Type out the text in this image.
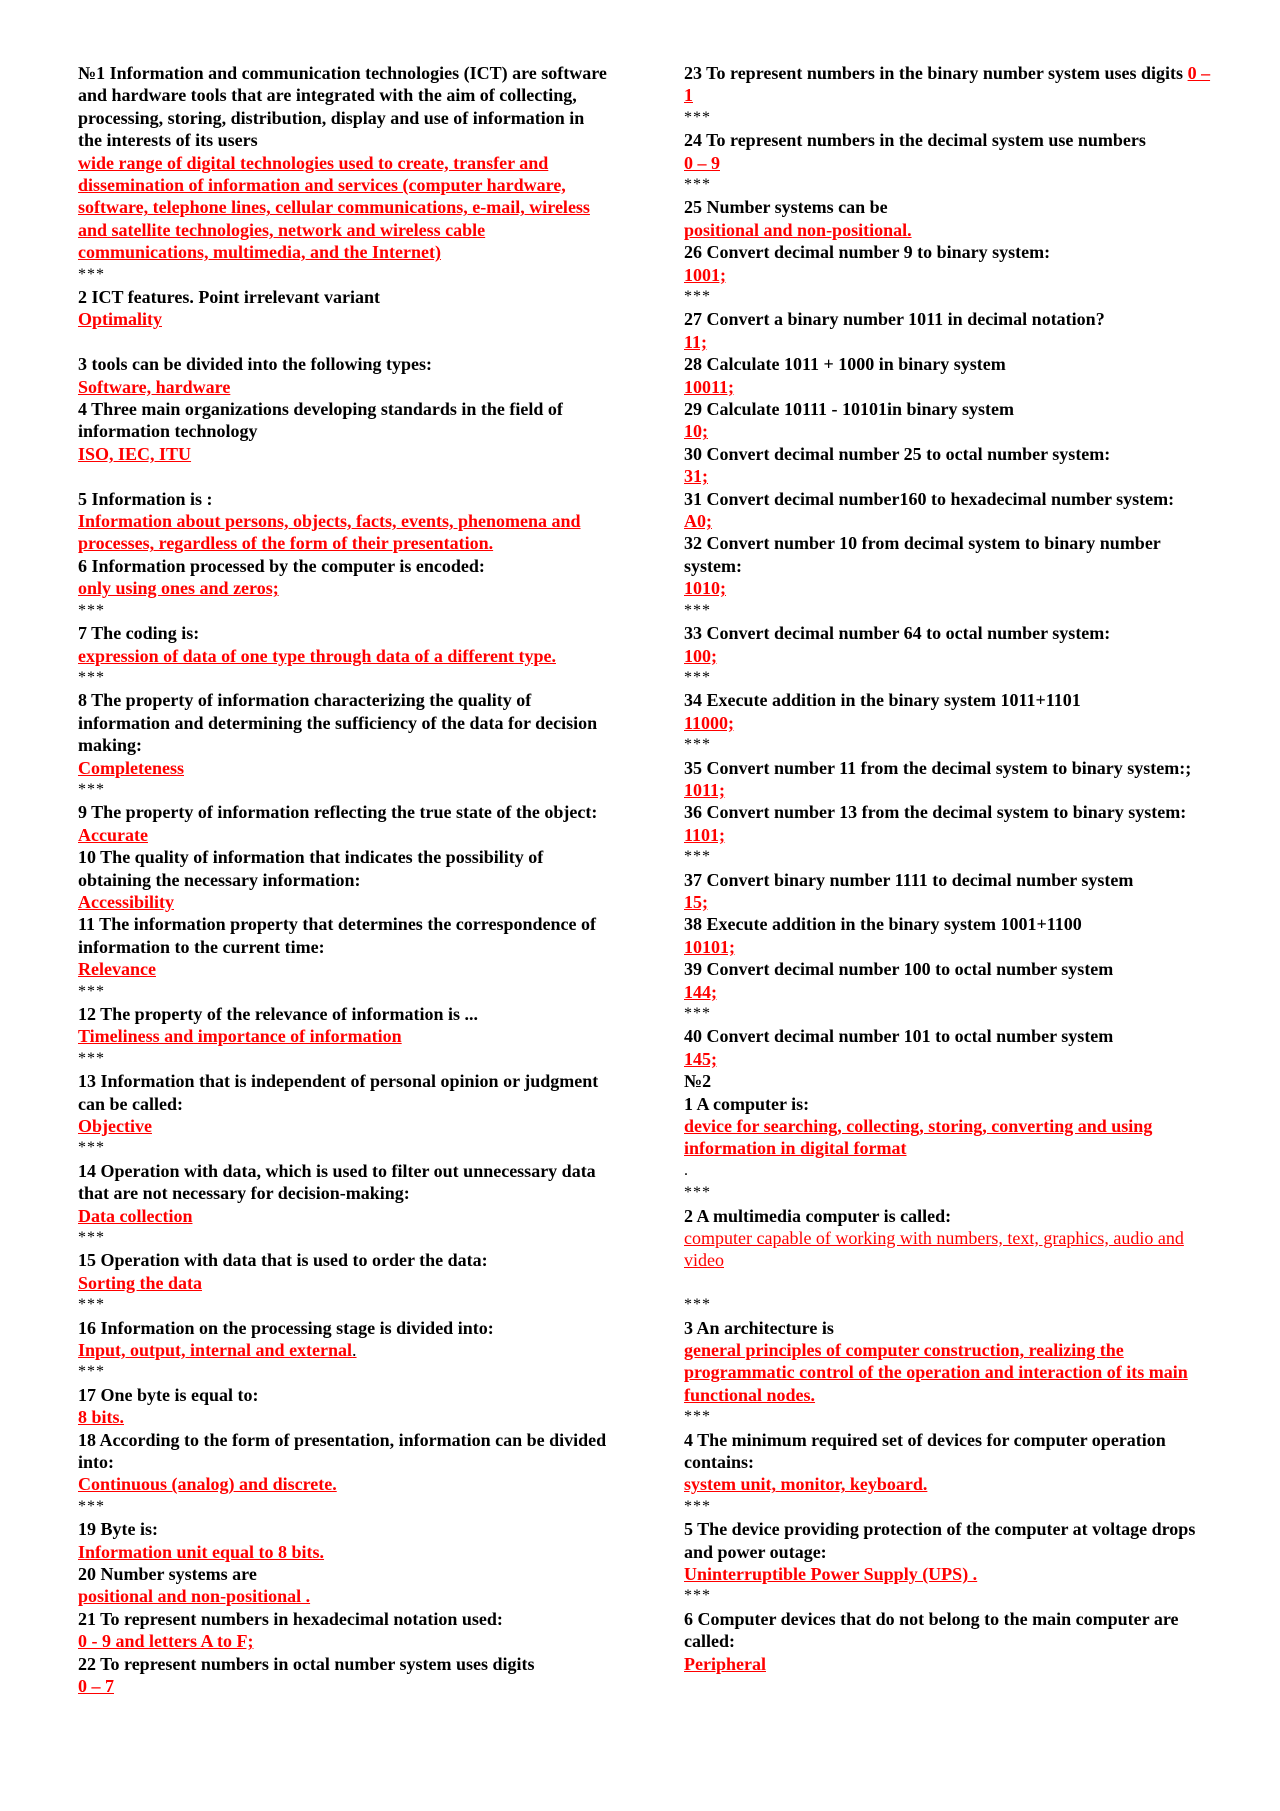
№1 Information and communication technologies (ICT) are software and hardware tools that are integrated with the aim of collecting, processing, storing, distribution, display and use of information in the interests of its users
wide range of digital technologies used to create, transfer and dissemination of information and services (computer hardware, software, telephone lines, cellular communications, e-mail, wireless and satellite technologies, network and wireless cable communications, multimedia, and the Internet)
***
2 ICT features. Point irrelevant variant
Optimality
3 tools can be divided into the following types:
Software, hardware
4 Three main organizations developing standards in the field of information technology
ISO, IEC, ITU
5 Information is :
Information about persons, objects, facts, events, phenomena and processes, regardless of the form of their presentation.
6 Information processed by the computer is encoded:
only using ones and zeros;
***
7 The coding is:
expression of data of one type through data of a different type.
***
8 The property of information characterizing the quality of information and determining the sufficiency of the data for decision making:
Completeness
***
9 The property of information reflecting the true state of the object:
Accurate
10 The quality of information that indicates the possibility of obtaining the necessary information:
Accessibility
11 The information property that determines the correspondence of information to the current time:
Relevance
***
12 The property of the relevance of information is ...
Timeliness and importance of information
***
13 Information that is independent of personal opinion or judgment can be called:
Objective
***
14 Operation with data, which is used to filter out unnecessary data that are not necessary for decision-making:
Data collection
***
15 Operation with data that is used to order the data:
Sorting the data
***
16 Information on the processing stage is divided into:
Input, output, internal and external.
***
17 One byte is equal to:
8 bits.
18 According to the form of presentation, information can be divided into:
Continuous (analog) and discrete.
***
19 Byte is:
Information unit equal to 8 bits.
20 Number systems are
positional and non-positional .
21 To represent numbers in hexadecimal notation used:
0 - 9 and letters A to F;
22 To represent numbers in octal number system uses digits
0 – 7
23 To represent numbers in the binary number system uses digits 0 – 1
***
24 To represent numbers in the decimal system use numbers
0 – 9
***
25 Number systems can be
positional and non-positional.
26 Convert decimal number 9 to binary system:
1001;
***
27 Convert a binary number 1011 in decimal notation?
11;
28 Calculate 1011 + 1000 in binary system
10011;
29 Calculate 10111 - 10101in binary system
10;
30 Convert decimal number 25 to octal number system:
31;
31 Convert decimal number160 to hexadecimal number system:
A0;
32 Convert number 10 from decimal system to binary number system:
1010;
***
33 Convert decimal number 64 to octal number system:
100;
***
34 Execute addition in the binary system 1011+1101
11000;
***
35 Convert number 11 from the decimal system to binary system:;
1011;
36 Convert number 13 from the decimal system to binary system:
1101;
***
37 Convert binary number 1111 to decimal number system
15;
38 Execute addition in the binary system 1001+1100
10101;
39 Convert decimal number 100 to octal number system
144;
***
40 Convert decimal number 101 to octal number system
145;
№2
1 A computer is:
device for searching, collecting, storing, converting and using information in digital format
.
***
2 A multimedia computer is called:
computer capable of working with numbers, text, graphics, audio and video
***
3 An architecture is
general principles of computer construction, realizing the programmatic control of the operation and interaction of its main functional nodes.
***
4 The minimum required set of devices for computer operation contains:
system unit, monitor, keyboard.
***
5 The device providing protection of the computer at voltage drops and power outage:
Uninterruptible Power Supply (UPS) .
***
6 Computer devices that do not belong to the main computer are called:
Peripheral
